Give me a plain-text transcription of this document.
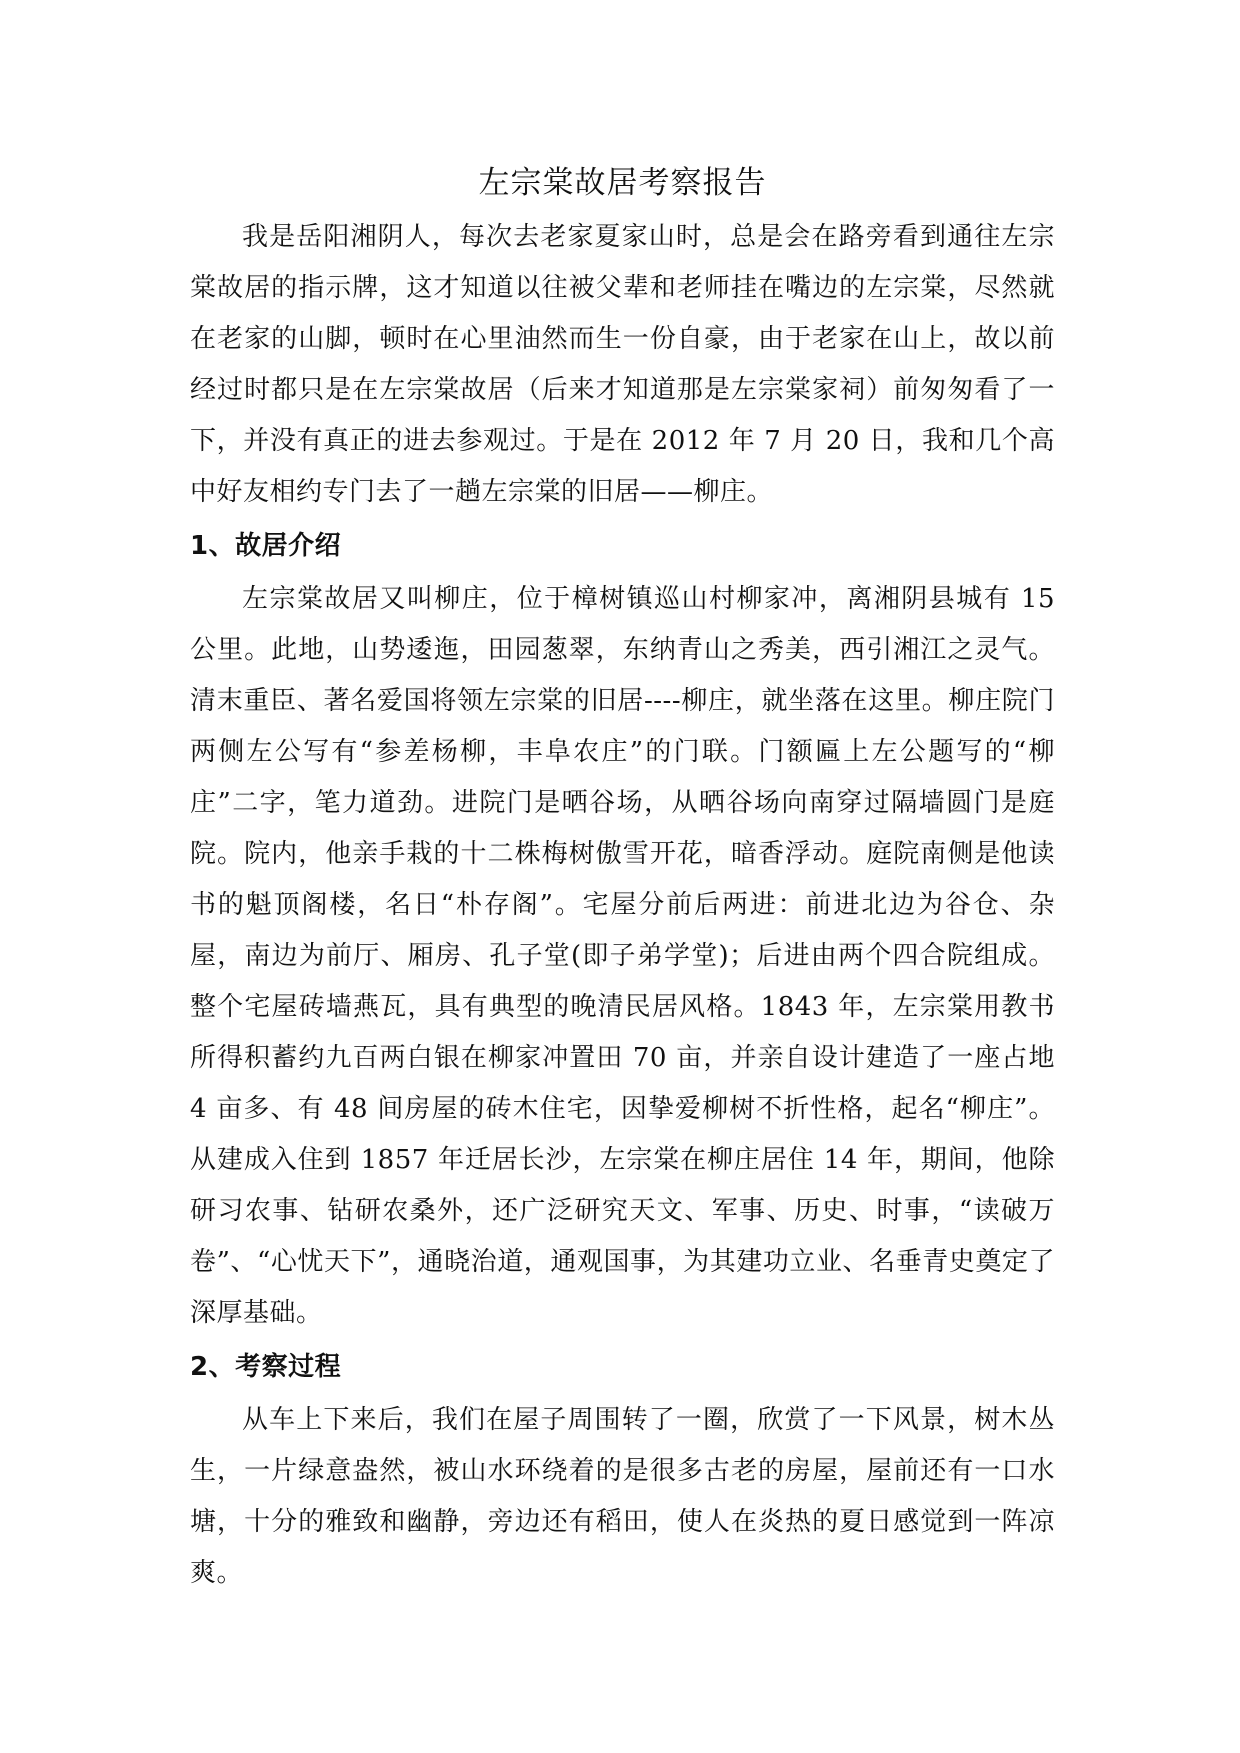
左宗棠故居考察报告

我是岳阳湘阴人，每次去老家夏家山时，总是会在路旁看到通往左宗棠故居的指示牌，这才知道以往被父辈和老师挂在嘴边的左宗棠，尽然就在老家的山脚，顿时在心里油然而生一份自豪，由于老家在山上，故以前经过时都只是在左宗棠故居（后来才知道那是左宗棠家祠）前匆匆看了一下，并没有真正的进去参观过。于是在 2012 年 7 月 20 日，我和几个高中好友相约专门去了一趟左宗棠的旧居——柳庄。

1、故居介绍

左宗棠故居又叫柳庄，位于樟树镇巡山村柳家冲，离湘阴县城有 15 公里。此地，山势逶迤，田园葱翠，东纳青山之秀美，西引湘江之灵气。清末重臣、著名爱国将领左宗棠的旧居----柳庄，就坐落在这里。柳庄院门两侧左公写有“参差杨柳，丰阜农庄”的门联。门额匾上左公题写的“柳庄”二字，笔力道劲。进院门是晒谷场，从晒谷场向南穿过隔墙圆门是庭院。院内，他亲手栽的十二株梅树傲雪开花，暗香浮动。庭院南侧是他读书的魁顶阁楼，名日“朴存阁”。宅屋分前后两进：前进北边为谷仓、杂屋，南边为前厅、厢房、孔子堂(即子弟学堂)；后进由两个四合院组成。整个宅屋砖墙燕瓦，具有典型的晚清民居风格。1843 年，左宗棠用教书所得积蓄约九百两白银在柳家冲置田 70 亩，并亲自设计建造了一座占地 4 亩多、有 48 间房屋的砖木住宅，因挚爱柳树不折性格，起名“柳庄”。从建成入住到 1857 年迁居长沙，左宗棠在柳庄居住 14 年，期间，他除研习农事、钻研农桑外，还广泛研究天文、军事、历史、时事，“读破万卷”、“心忧天下”，通晓治道，通观国事，为其建功立业、名垂青史奠定了深厚基础。

2、考察过程

从车上下来后，我们在屋子周围转了一圈，欣赏了一下风景，树木丛生，一片绿意盎然，被山水环绕着的是很多古老的房屋，屋前还有一口水塘，十分的雅致和幽静，旁边还有稻田，使人在炎热的夏日感觉到一阵凉爽。
